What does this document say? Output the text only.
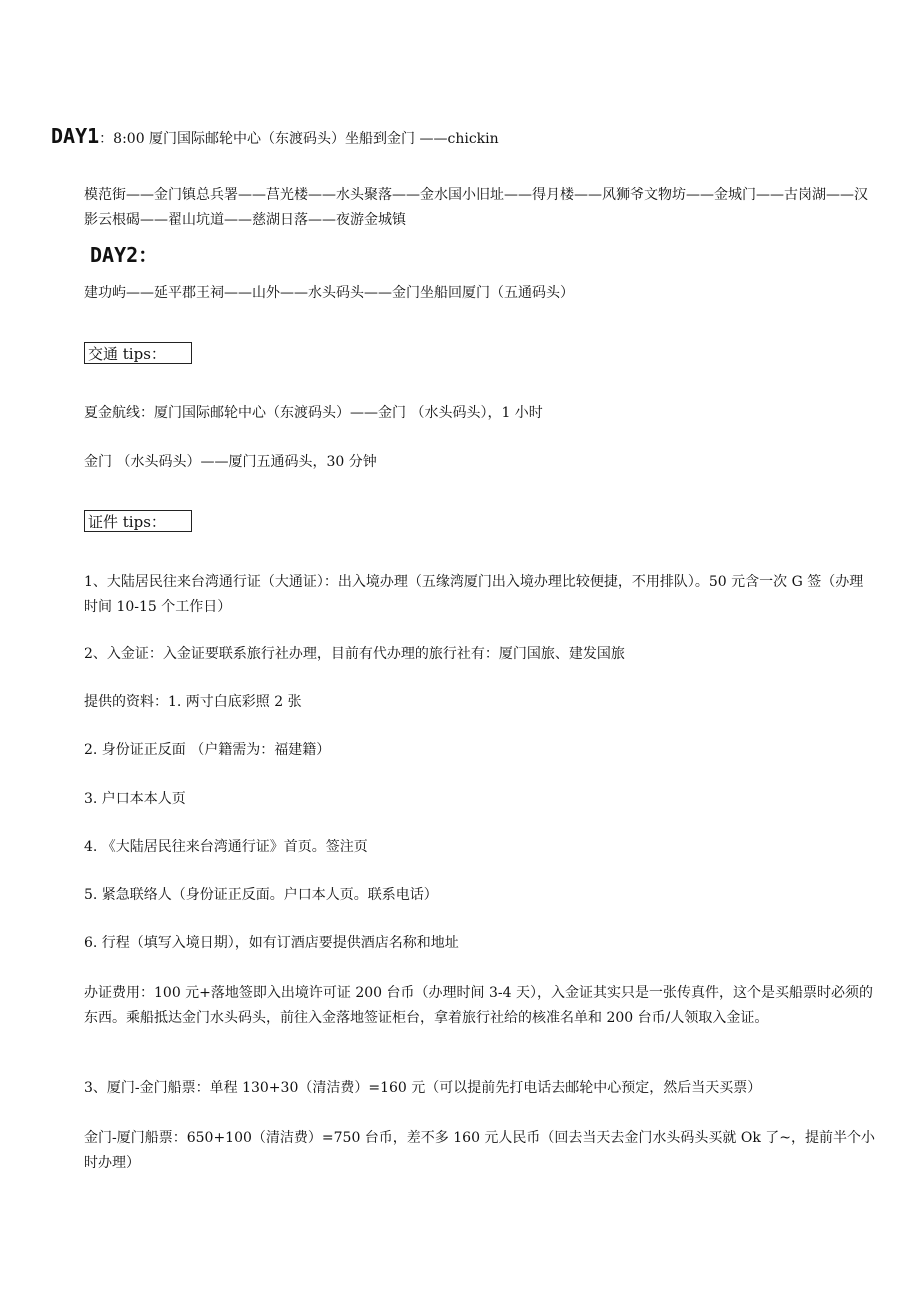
DAY1：8:00 厦门国际邮轮中心（东渡码头）坐船到金门 ——chickin
模范街——金门镇总兵署——莒光楼——水头聚落——金水国小旧址——得月楼——风狮爷文物坊——金城门——古岗湖——汉影云根碣——翟山坑道——慈湖日落——夜游金城镇
DAY2：
建功屿——延平郡王祠——山外——水头码头——金门坐船回厦门（五通码头）
交通 tips：
夏金航线：厦门国际邮轮中心（东渡码头）——金门 （水头码头），1 小时
金门 （水头码头）——厦门五通码头，30 分钟
证件 tips：
1、大陆居民往来台湾通行证（大通证）：出入境办理（五缘湾厦门出入境办理比较便捷，不用排队）。50 元含一次 G 签（办理时间 10-15 个工作日）
2、入金证：入金证要联系旅行社办理，目前有代办理的旅行社有：厦门国旅、建发国旅
提供的资料：1. 两寸白底彩照 2 张
2. 身份证正反面 （户籍需为：福建籍）
3. 户口本本人页
4. 《大陆居民往来台湾通行证》首页。签注页
5. 紧急联络人（身份证正反面。户口本人页。联系电话）
6. 行程（填写入境日期），如有订酒店要提供酒店名称和地址
办证费用：100 元+落地签即入出境许可证 200 台币（办理时间 3-4 天），入金证其实只是一张传真件，这个是买船票时必须的东西。乘船抵达金门水头码头，前往入金落地签证柜台，拿着旅行社给的核准名单和 200 台币/人领取入金证。
3、厦门-金门船票：单程 130+30（清洁费）=160 元（可以提前先打电话去邮轮中心预定，然后当天买票）
金门-厦门船票：650+100（清洁费）=750 台币，差不多 160 元人民币（回去当天去金门水头码头买就 Ok 了~，提前半个小时办理）
